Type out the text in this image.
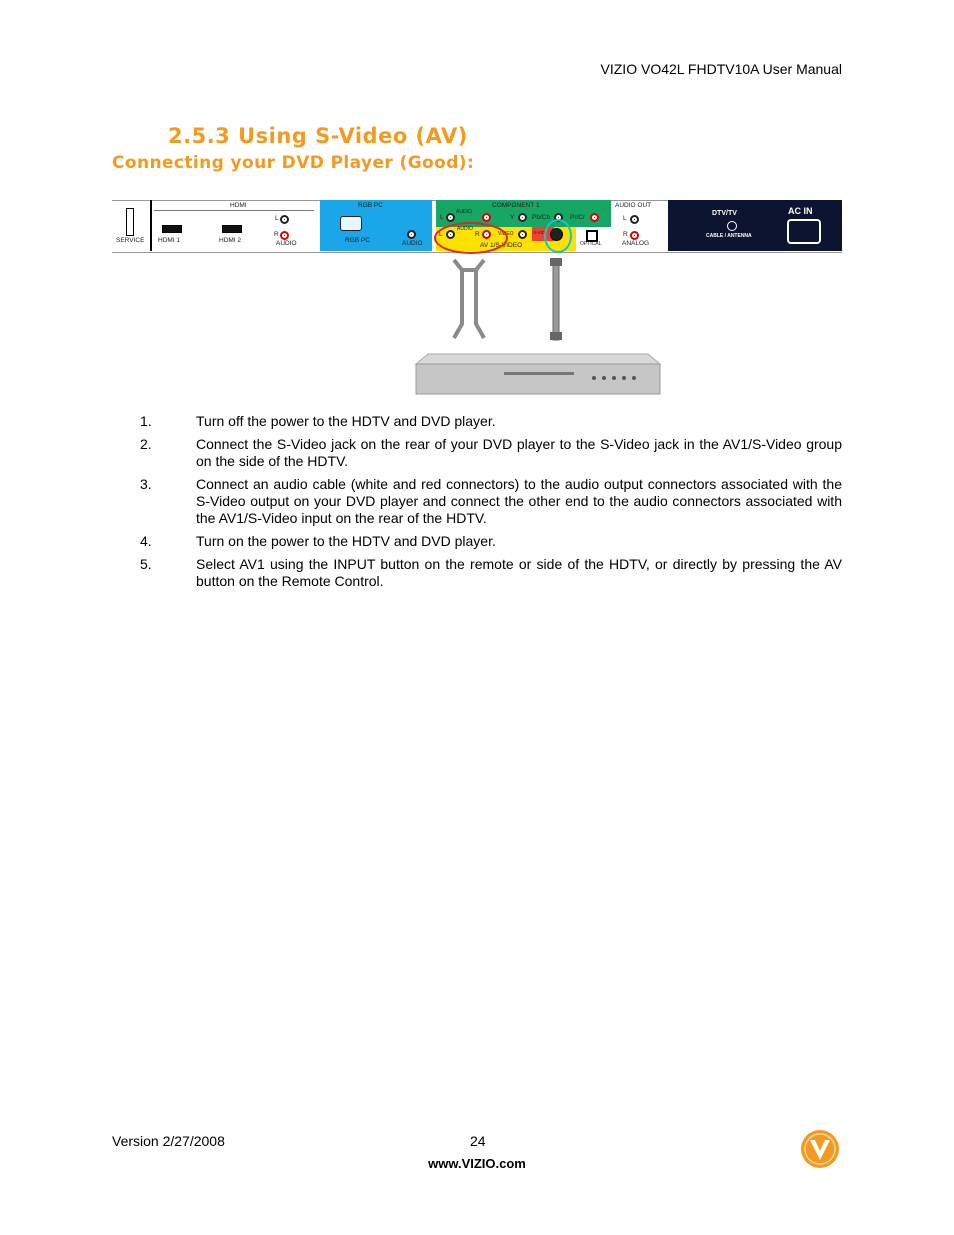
VIZIO VO42L FHDTV10A User Manual
2.5.3 Using S-Video (AV)
Connecting your DVD Player (Good):
SERVICE
HDMI
HDMI 1	HDMI 2
L
R
AUDIO
RGB PC
RGB PC	AUDIO
COMPONENT 1
AUDIO
L	Y	Pb/Cb	Pr/Cr
AUDIO
L	R	VIDEO	S-VID
AV 1/S-VIDEO	OPTICAL
AUDIO OUT
L
R
ANALOG
DTV/TV
CABLE / ANTENNA
AC IN
1.	Turn off the power to the HDTV and DVD player.
2.	Connect the S-Video jack on the rear of your DVD player to the S-Video jack in the AV1/S-Video group on the side of the HDTV.
3.	Connect an audio cable (white and red connectors) to the audio output connectors associated with the S-Video output on your DVD player and connect the other end to the audio connectors associated with the AV1/S-Video input on the rear of the HDTV.
4.	Turn on the power to the HDTV and DVD player.
5.	Select AV1 using the INPUT button on the remote or side of the HDTV, or directly by pressing the AV button on the Remote Control.
Version 2/27/2008	24
www.VIZIO.com
